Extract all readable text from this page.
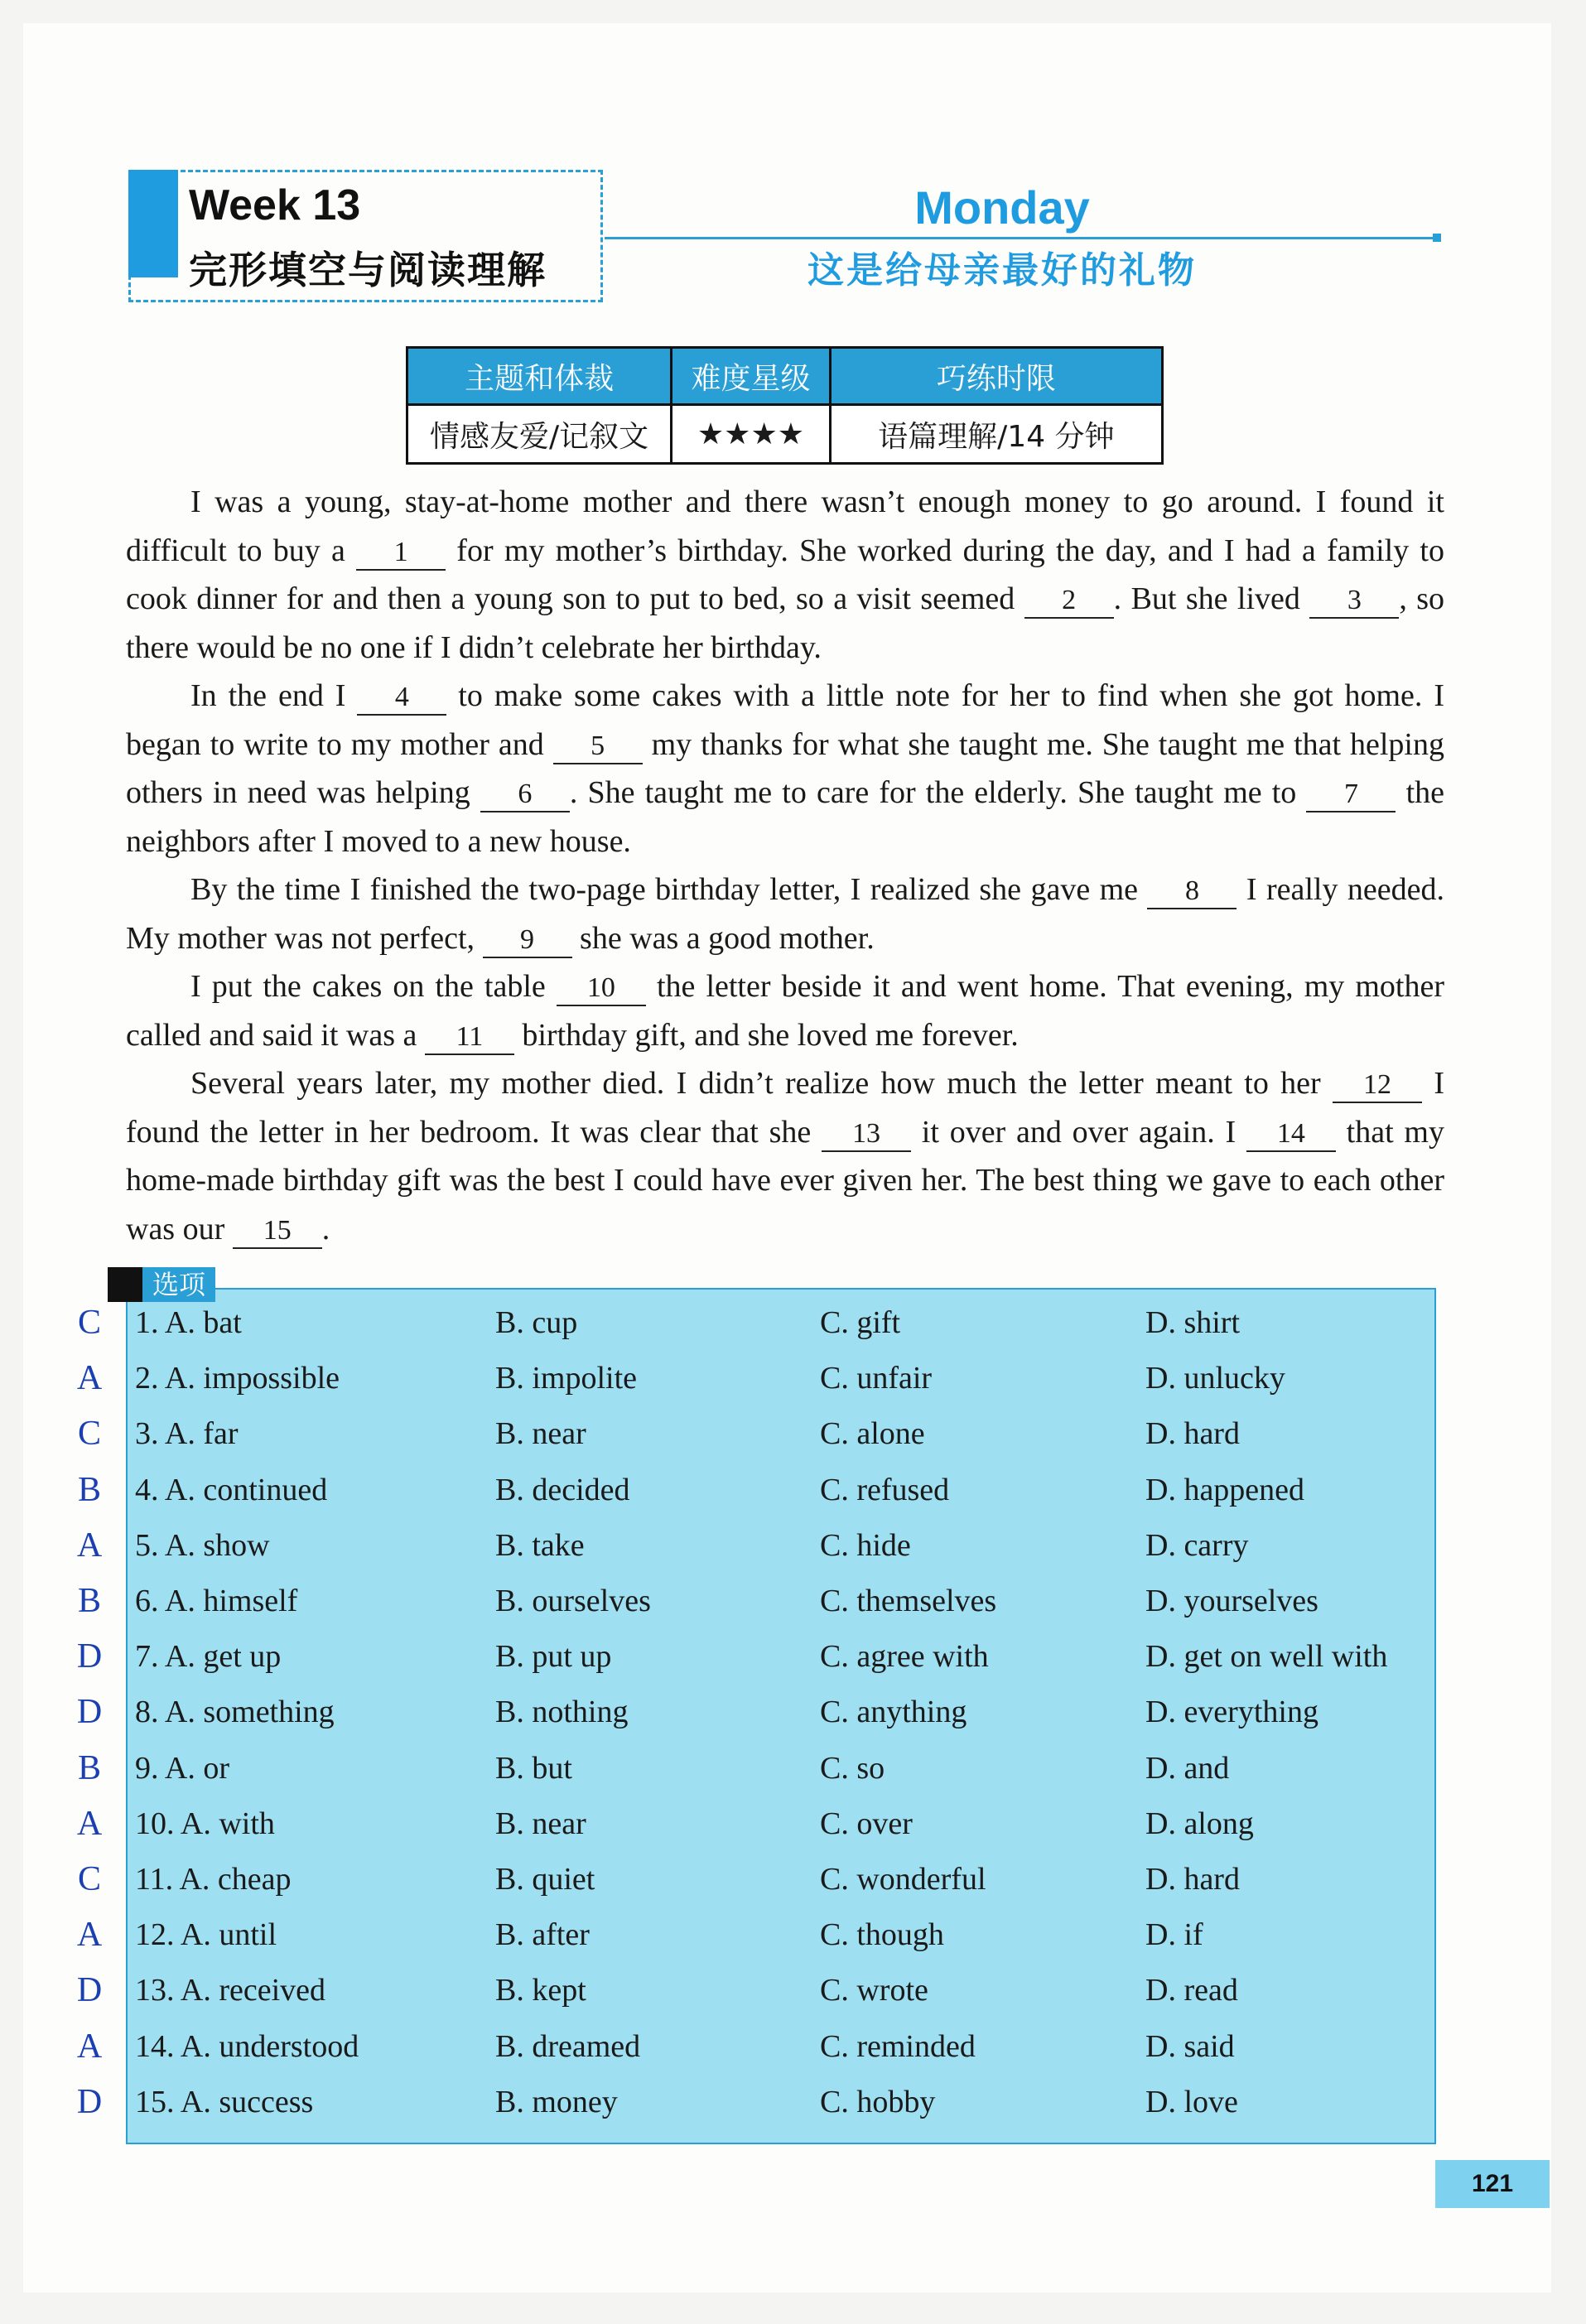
Week 13
完形填空与阅读理解
Monday
这是给母亲最好的礼物
主题和体裁	难度星级	巧练时限
情感友爱/记叙文	★★★★	语篇理解/14 分钟

I was a young, stay-at-home mother and there wasn’t enough money to go around. I found it difficult to buy a 1 for my mother’s birthday. She worked during the day, and I had a family to cook dinner for and then a young son to put to bed, so a visit seemed 2 . But she lived 3 , so there would be no one if I didn’t celebrate her birthday.

In the end I 4 to make some cakes with a little note for her to find when she got home. I began to write to my mother and 5 my thanks for what she taught me. She taught me that helping others in need was helping 6 . She taught me to care for the elderly. She taught me to 7 the neighbors after I moved to a new house.

By the time I finished the two-page birthday letter, I realized she gave me 8 I really needed. My mother was not perfect, 9 she was a good mother.

I put the cakes on the table 10 the letter beside it and went home. That evening, my mother called and said it was a 11 birthday gift, and she loved me forever.

Several years later, my mother died. I didn’t realize how much the letter meant to her 12 I found the letter in her bedroom. It was clear that she 13 it over and over again. I 14 that my home-made birthday gift was the best I could have ever given her. The best thing we gave to each other was our 15 .

选项
C 1. A. bat	B. cup	C. gift	D. shirt
A 2. A. impossible	B. impolite	C. unfair	D. unlucky
C 3. A. far	B. near	C. alone	D. hard
B 4. A. continued	B. decided	C. refused	D. happened
A 5. A. show	B. take	C. hide	D. carry
B 6. A. himself	B. ourselves	C. themselves	D. yourselves
D 7. A. get up	B. put up	C. agree with	D. get on well with
D 8. A. something	B. nothing	C. anything	D. everything
B 9. A. or	B. but	C. so	D. and
A 10. A. with	B. near	C. over	D. along
C 11. A. cheap	B. quiet	C. wonderful	D. hard
A 12. A. until	B. after	C. though	D. if
D 13. A. received	B. kept	C. wrote	D. read
A 14. A. understood	B. dreamed	C. reminded	D. said
D 15. A. success	B. money	C. hobby	D. love
121
